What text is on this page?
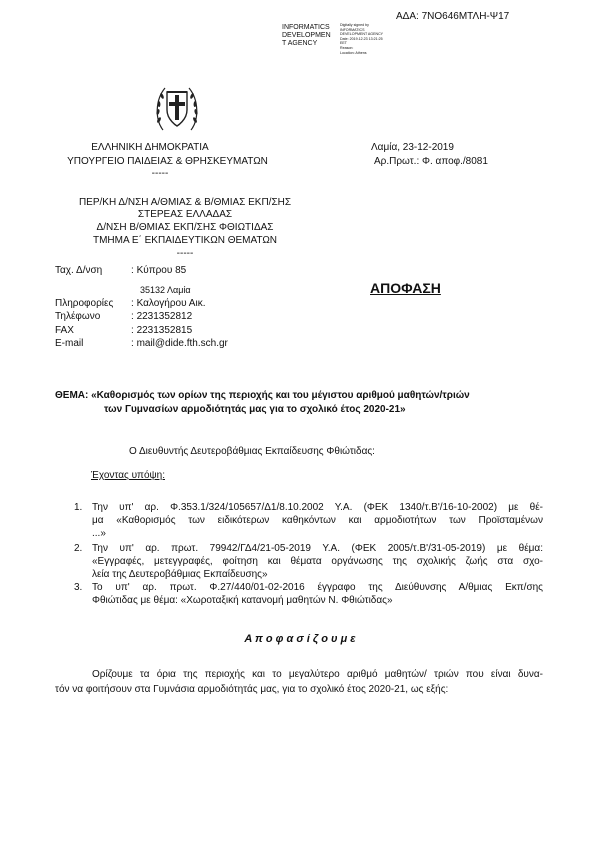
ΑΔΑ: 7ΝΟ646ΜΤΛΗ-Ψ17
INFORMATICS
DEVELOPMEN
T AGENCY
Digitally signed by
INFORMATICS
DEVELOPMENT AGENCY
Date: 2019.12.23 13:21:25
EET
Reason:
Location: Athens
ΕΛΛΗΝΙΚΗ ΔΗΜΟΚΡΑΤΙΑ
ΥΠΟΥΡΓΕΙΟ ΠΑΙΔΕΙΑΣ & ΘΡΗΣΚΕΥΜΑΤΩΝ
-----
Λαμία, 23-12-2019
Αρ.Πρωτ.: Φ. αποφ./8081
ΠΕΡ/ΚΗ Δ/ΝΣΗ Α/ΘΜΙΑΣ & Β/ΘΜΙΑΣ ΕΚΠ/ΣΗΣ
ΣΤΕΡΕΑΣ ΕΛΛΑΔΑΣ
Δ/ΝΣΗ Β/ΘΜΙΑΣ ΕΚΠ/ΣΗΣ ΦΘΙΩΤΙΔΑΣ
ΤΜΗΜΑ Ε΄ ΕΚΠΑΙΔΕΥΤΙΚΩΝ ΘΕΜΑΤΩΝ
-----
Ταχ. Δ/νση	: Κύπρου 85
35132 Λαμία
Πληροφορίες	: Καλογήρου Αικ.
Τηλέφωνο	: 2231352812
FAX	: 2231352815
E-mail	: mail@dide.fth.sch.gr
ΑΠΟΦΑΣΗ
ΘΕΜΑ: «Καθορισμός των ορίων της περιοχής και του μέγιστου αριθμού μαθητών/τριών
των Γυμνασίων αρμοδιότητάς μας για το σχολικό έτος 2020-21»
Ο Διευθυντής Δευτεροβάθμιας Εκπαίδευσης Φθιώτιδας:
Έχοντας υπόψη:
1. Την υπ' αρ. Φ.353.1/324/105657/Δ1/8.10.2002 Υ.Α. (ΦΕΚ 1340/τ.Β'/16-10-2002) με θέ-
μα «Καθορισμός των ειδικότερων καθηκόντων και αρμοδιοτήτων των Προϊσταμένων
...»
2. Την υπ' αρ. πρωτ. 79942/ΓΔ4/21-05-2019 Υ.Α. (ΦΕΚ 2005/τ.Β'/31-05-2019) με θέμα:
«Εγγραφές, μετεγγραφές, φοίτηση και θέματα οργάνωσης της σχολικής ζωής στα σχο-
λεία της Δευτεροβάθμιας Εκπαίδευσης»
3. Το υπ' αρ. πρωτ. Φ.27/440/01-02-2016 έγγραφο της Διεύθυνσης Α/θμιας Εκπ/σης
Φθιώτιδας με θέμα: «Χωροταξική κατανομή μαθητών Ν. Φθιώτιδας»
Α π ο φ α σ ί ζ ο υ μ ε
Ορίζουμε τα όρια της περιοχής και το μεγαλύτερο αριθμό μαθητών/ τριών που είναι δυνα-
τόν να φοιτήσουν στα Γυμνάσια αρμοδιότητάς μας, για το σχολικό έτος 2020-21, ως εξής:
